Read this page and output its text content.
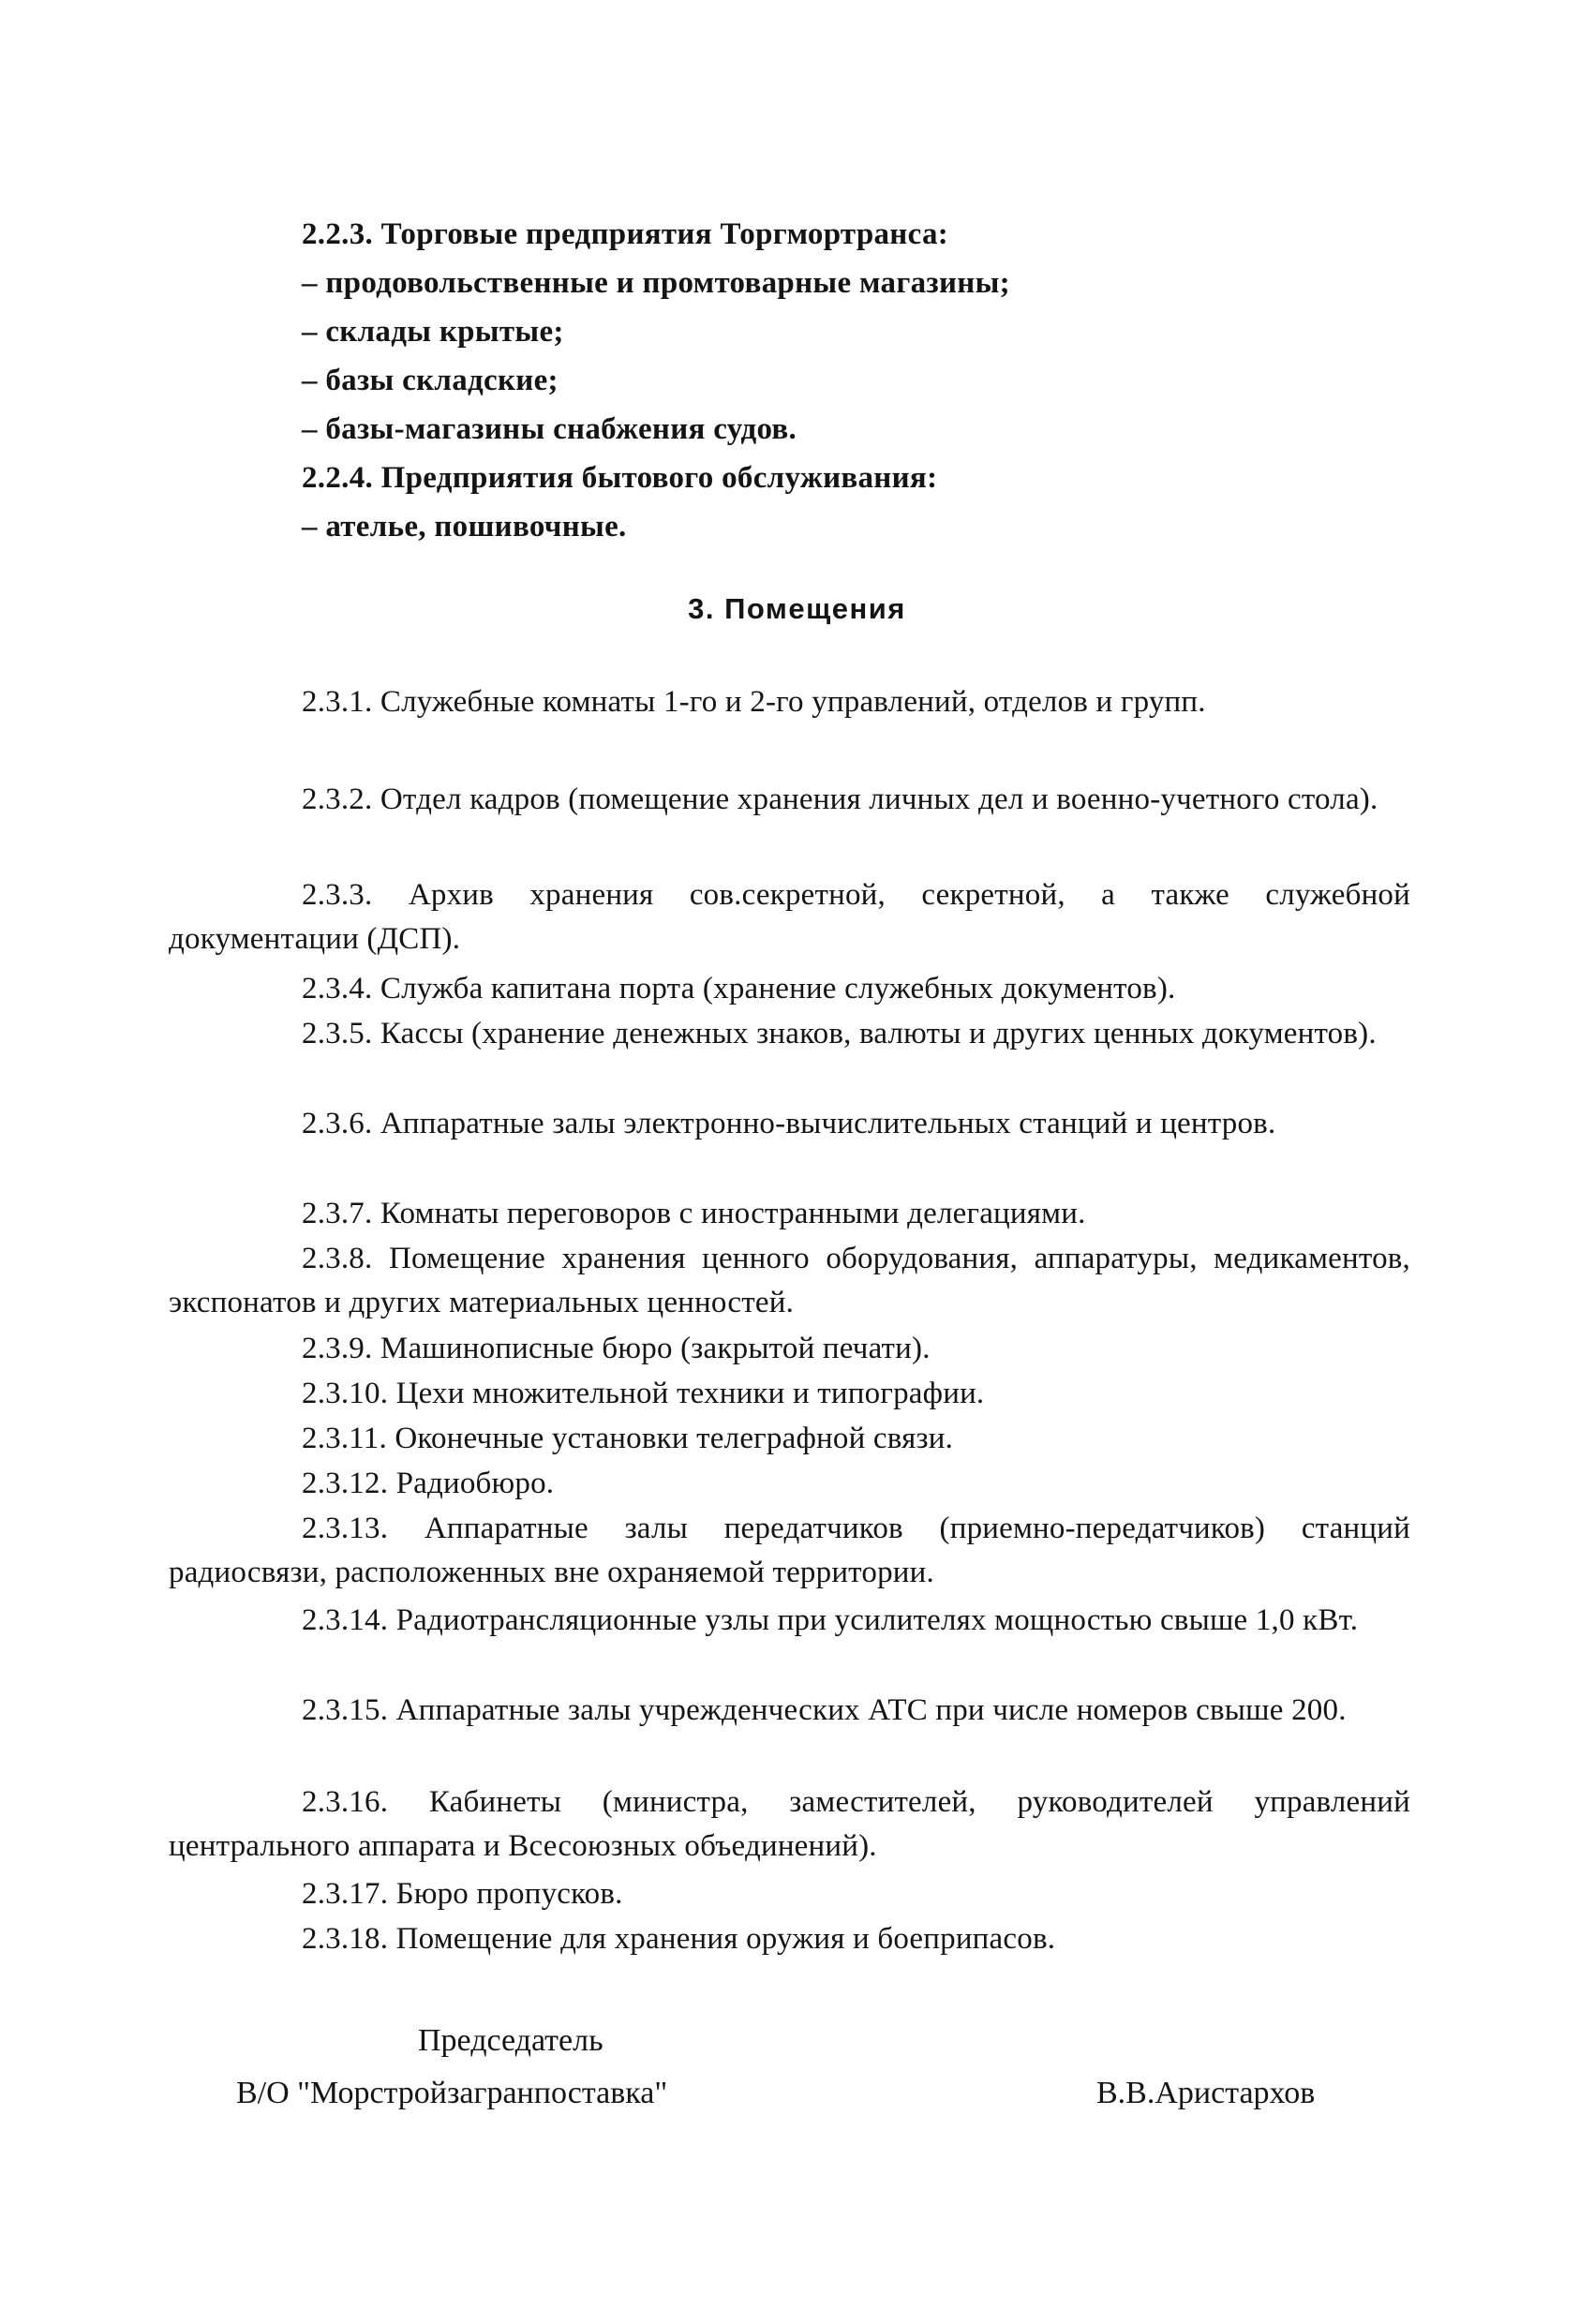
2.2.3. Торговые предприятия Торгмортранса:
– продовольственные и промтоварные магазины;
– склады крытые;
– базы складские;
– базы-магазины снабжения судов.
2.2.4. Предприятия бытового обслуживания:
– ателье, пошивочные.
3. Помещения
2.3.1. Служебные комнаты 1-го и 2-го управлений, отделов и групп.
2.3.2. Отдел кадров (помещение хранения личных дел и военно-учетного стола).
2.3.3. Архив хранения сов.секретной, секретной, а также служебной документации (ДСП).
2.3.4. Служба капитана порта (хранение служебных документов).
2.3.5. Кассы (хранение денежных знаков, валюты и других ценных документов).
2.3.6. Аппаратные залы электронно-вычислительных станций и центров.
2.3.7. Комнаты переговоров с иностранными делегациями.
2.3.8. Помещение хранения ценного оборудования, аппаратуры, медикаментов, экспонатов и других материальных ценностей.
2.3.9. Машинописные бюро (закрытой печати).
2.3.10. Цехи множительной техники и типографии.
2.3.11. Оконечные установки телеграфной связи.
2.3.12. Радиобюро.
2.3.13. Аппаратные залы передатчиков (приемно-передатчиков) станций радиосвязи, расположенных вне охраняемой территории.
2.3.14. Радиотрансляционные узлы при усилителях мощностью свыше 1,0 кВт.
2.3.15. Аппаратные залы учрежденческих АТС при числе номеров свыше 200.
2.3.16. Кабинеты (министра, заместителей, руководителей управлений центрального аппарата и Всесоюзных объединений).
2.3.17. Бюро пропусков.
2.3.18. Помещение для хранения оружия и боеприпасов.
Председатель
В/О "Морстройзагранпоставка"	В.В.Аристархов
